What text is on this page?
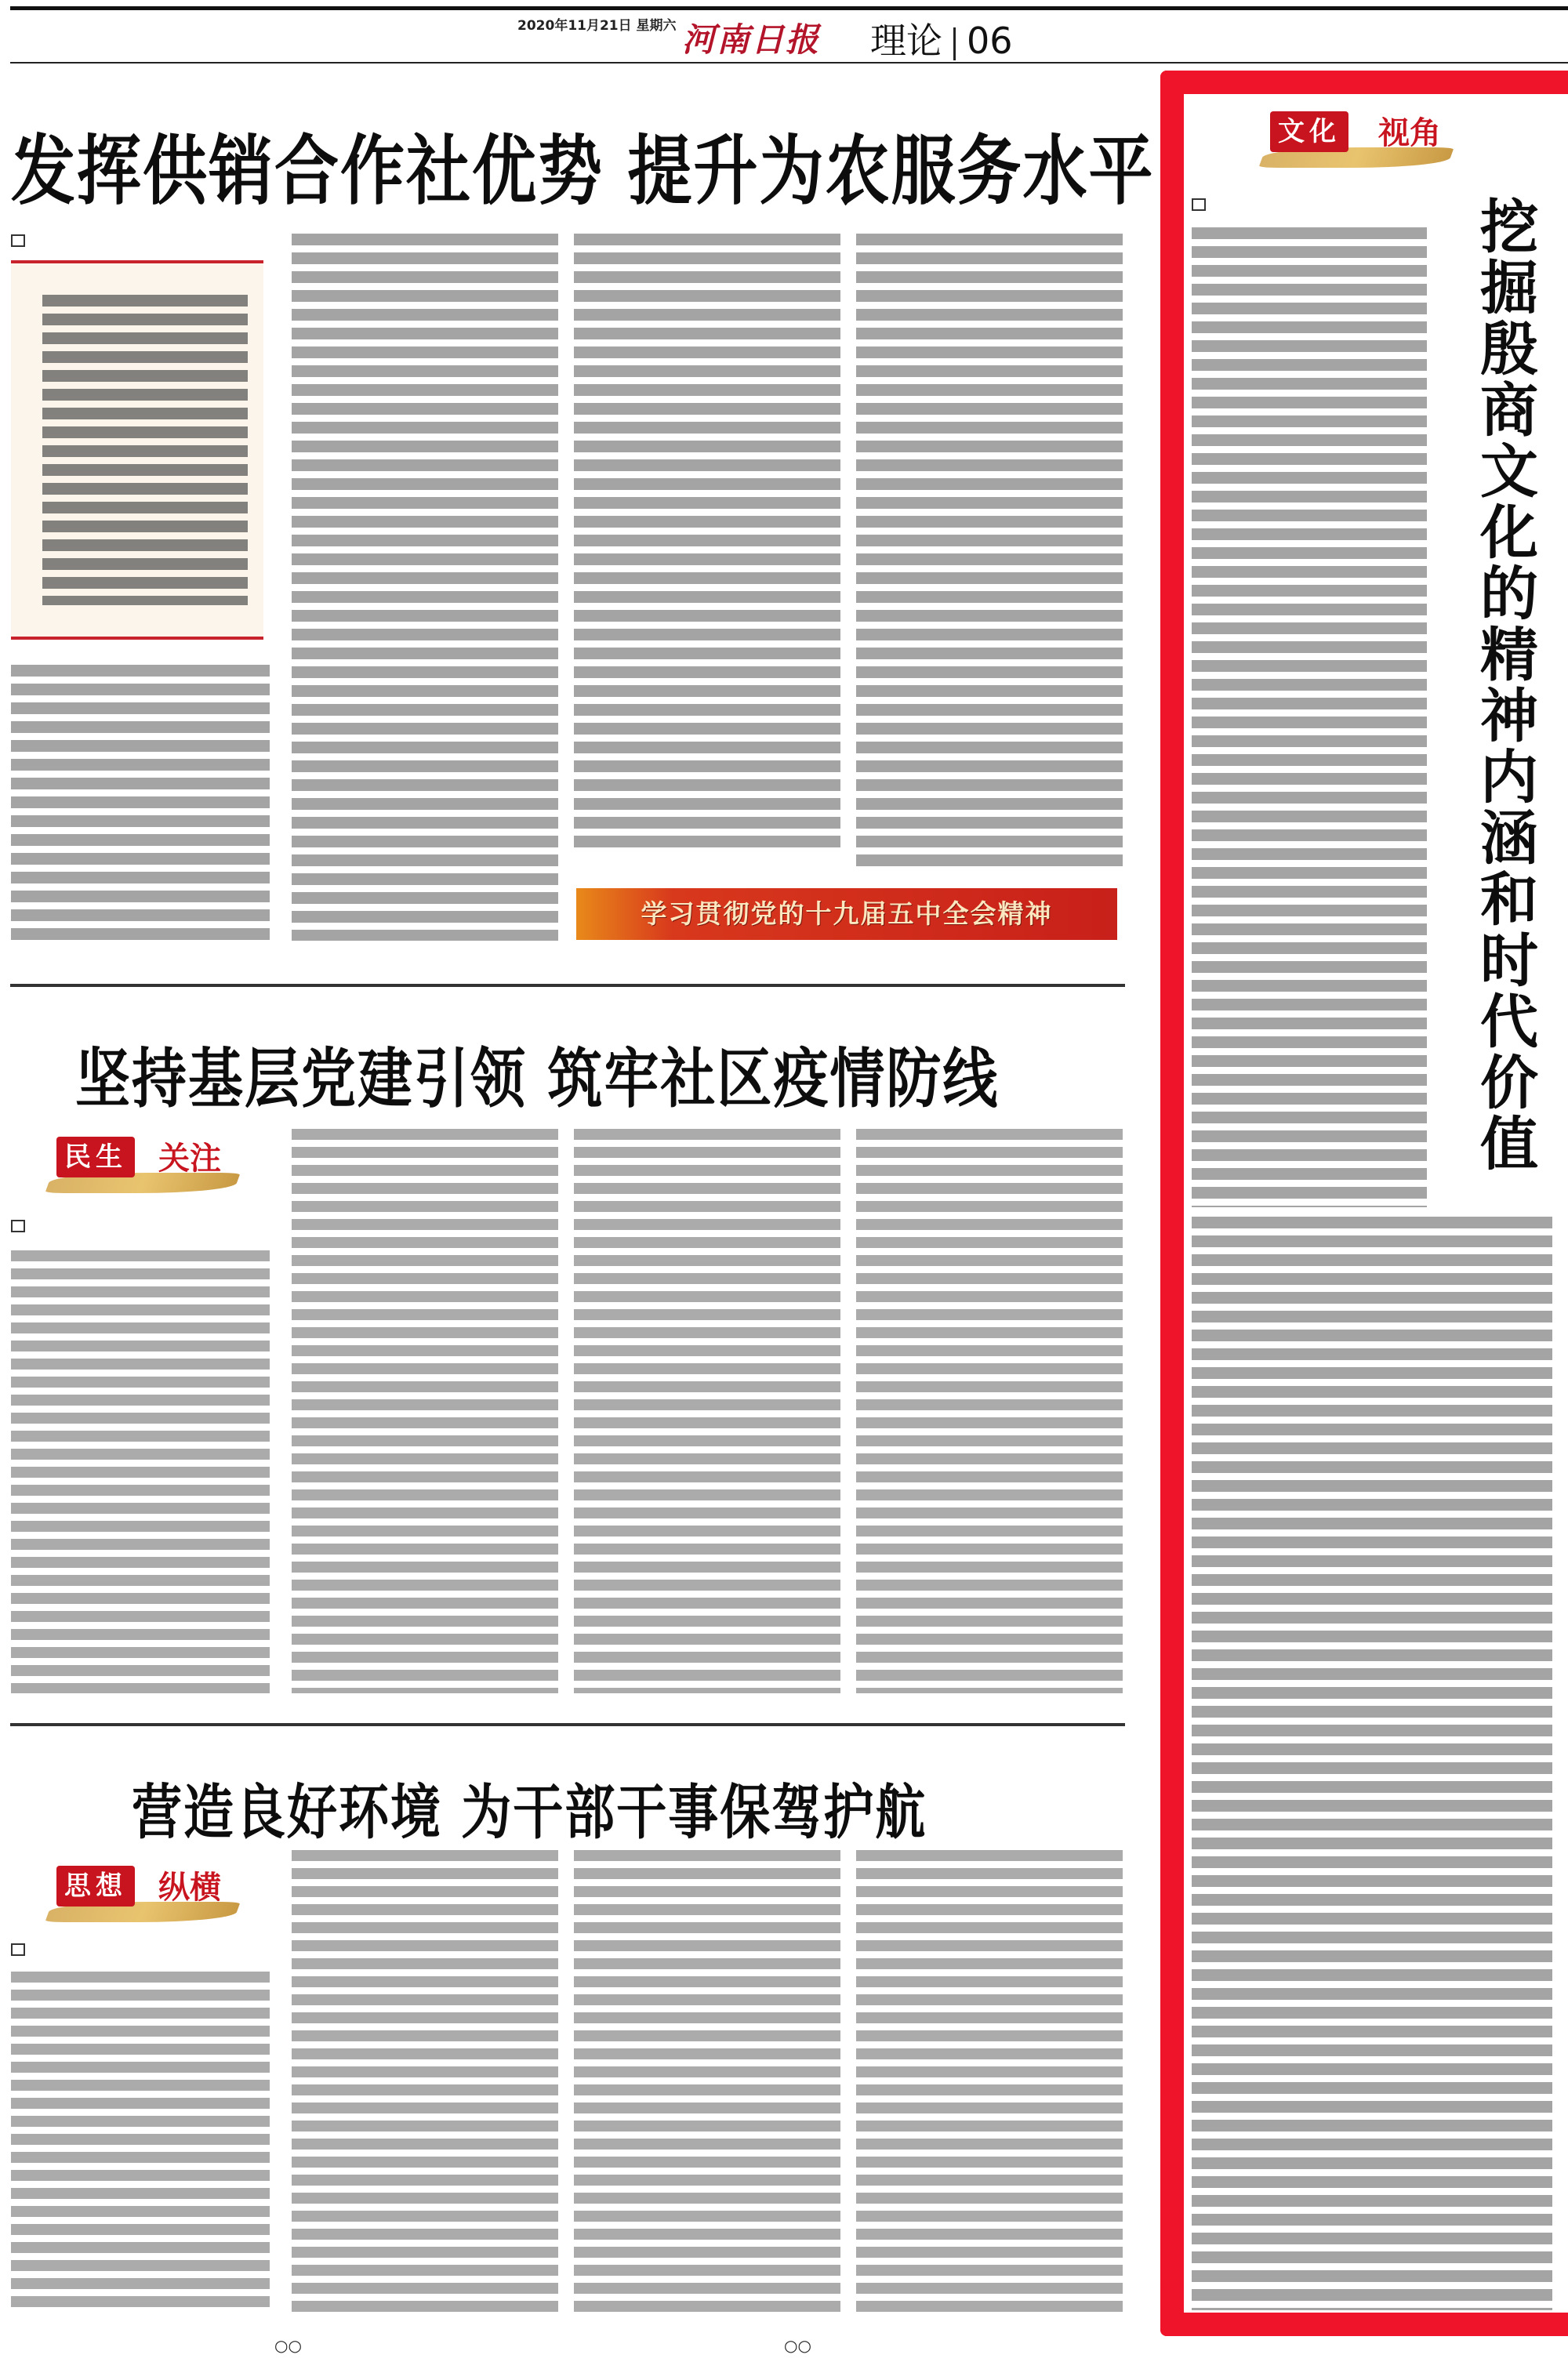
2020年11月21日 星期六 河南日报 理论 06
发挥供销合作社优势 提升为农服务水平
学习贯彻党的十九届五中全会精神
坚持基层党建引领 筑牢社区疫情防线
民生 关注
营造良好环境 为干部干事保驾护航
思想 纵横
○○	○○
文化 视角
挖掘殷商文化的精神内涵和时代价值
